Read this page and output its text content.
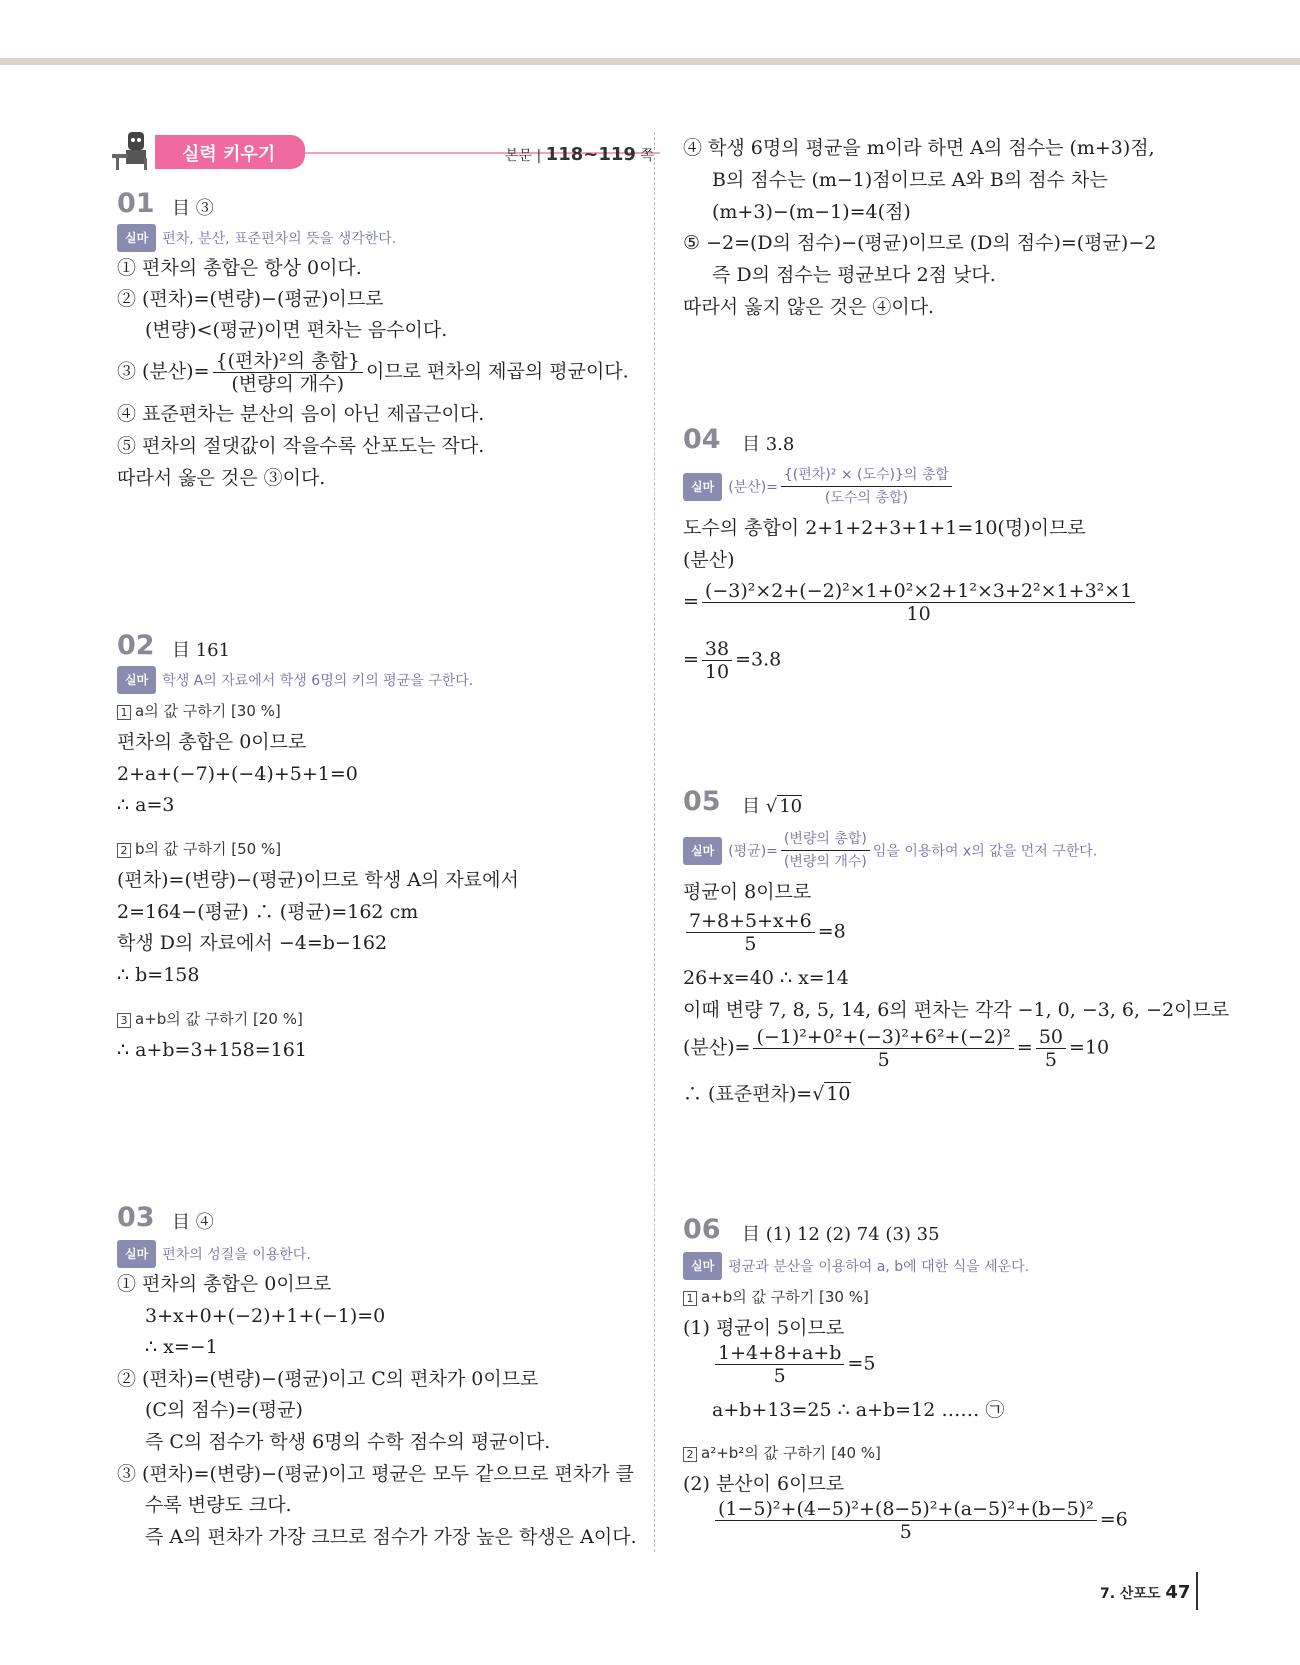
실력 키우기	본문 | 118~119 쪽
01 目 ③
실마 편차, 분산, 표준편차의 뜻을 생각한다.
① 편차의 총합은 항상 0이다.
② (편차)=(변량)−(평균)이므로
(변량)<(평균)이면 편차는 음수이다.
③ (분산)= $\frac{\text{\{(편차)²의 총합\}}}{\text{(변량의 개수)}}$ 이므로 편차의 제곱의 평균이다.
④ 표준편차는 분산의 음이 아닌 제곱근이다.
⑤ 편차의 절댓값이 작을수록 산포도는 작다.
따라서 옳은 것은 ③이다.
02 目 161
실마 학생 A의 자료에서 학생 6명의 키의 평균을 구한다.
1 a의 값 구하기 [30 %]
편차의 총합은 0이므로
2+a+(−7)+(−4)+5+1=0
∴ a=3
2 b의 값 구하기 [50 %]
(편차)=(변량)−(평균)이므로 학생 A의 자료에서
2=164−(평균) ∴ (평균)=162 cm
학생 D의 자료에서 −4=b−162
∴ b=158
3 a+b의 값 구하기 [20 %]
∴ a+b=3+158=161
03 目 ④
실마 편차의 성질을 이용한다.
① 편차의 총합은 0이므로
3+x+0+(−2)+1+(−1)=0
∴ x=−1
② (편차)=(변량)−(평균)이고 C의 편차가 0이므로
(C의 점수)=(평균)
즉 C의 점수가 학생 6명의 수학 점수의 평균이다.
③ (편차)=(변량)−(평균)이고 평균은 모두 같으므로 편차가 클
수록 변량도 크다.
즉 A의 편차가 가장 크므로 점수가 가장 높은 학생은 A이다.
④ 학생 6명의 평균을 m이라 하면 A의 점수는 (m+3)점,
B의 점수는 (m−1)점이므로 A와 B의 점수 차는
(m+3)−(m−1)=4(점)
⑤ −2=(D의 점수)−(평균)이므로 (D의 점수)=(평균)−2
즉 D의 점수는 평균보다 2점 낮다.
따라서 옳지 않은 것은 ④이다.
04 目 3.8
실마 (분산)= $\frac{\text{\{(편차)² × (도수)\}의 총합}}{\text{(도수의 총합)}}$
도수의 총합이 2+1+2+3+1+1=10(명)이므로
(분산)
= $\frac{\text{(−3)²×2+(−2)²×1+0²×2+1²×3+2²×1+3²×1}}{10}$
= $\frac{38}{10} =3.8$
05 目 √ 10
실마 (평균)= $\frac{\text{(변량의 총합)}}{\text{(변량의 개수)}}$ 임을 이용하여 x의 값을 먼저 구한다.
평균이 8이므로
$\frac{7+8+5+x+6}{5} =8$
26+x=40 ∴ x=14
이때 변량 7, 8, 5, 14, 6의 편차는 각각 −1, 0, −3, 6, −2이므로
(분산)= $\frac{\text{(−1)²+0²+(−3)²+6²+(−2)²}}{5} = \frac{50}{5} =10$
∴ (표준편차)=√ 10
06 目 (1) 12 (2) 74 (3) 35
실마 평균과 분산을 이용하여 a, b에 대한 식을 세운다.
1 a+b의 값 구하기 [30 %]
(1) 평균이 5이므로
$\frac{1+4+8+a+b}{5} =5$
a+b+13=25 ∴ a+b=12 …… ㉠
2 a²+b²의 값 구하기 [40 %]
(2) 분산이 6이므로
$\frac{\text{(1−5)²+(4−5)²+(8−5)²+(a−5)²+(b−5)²}}{5} =6$
7. 산포도 47
